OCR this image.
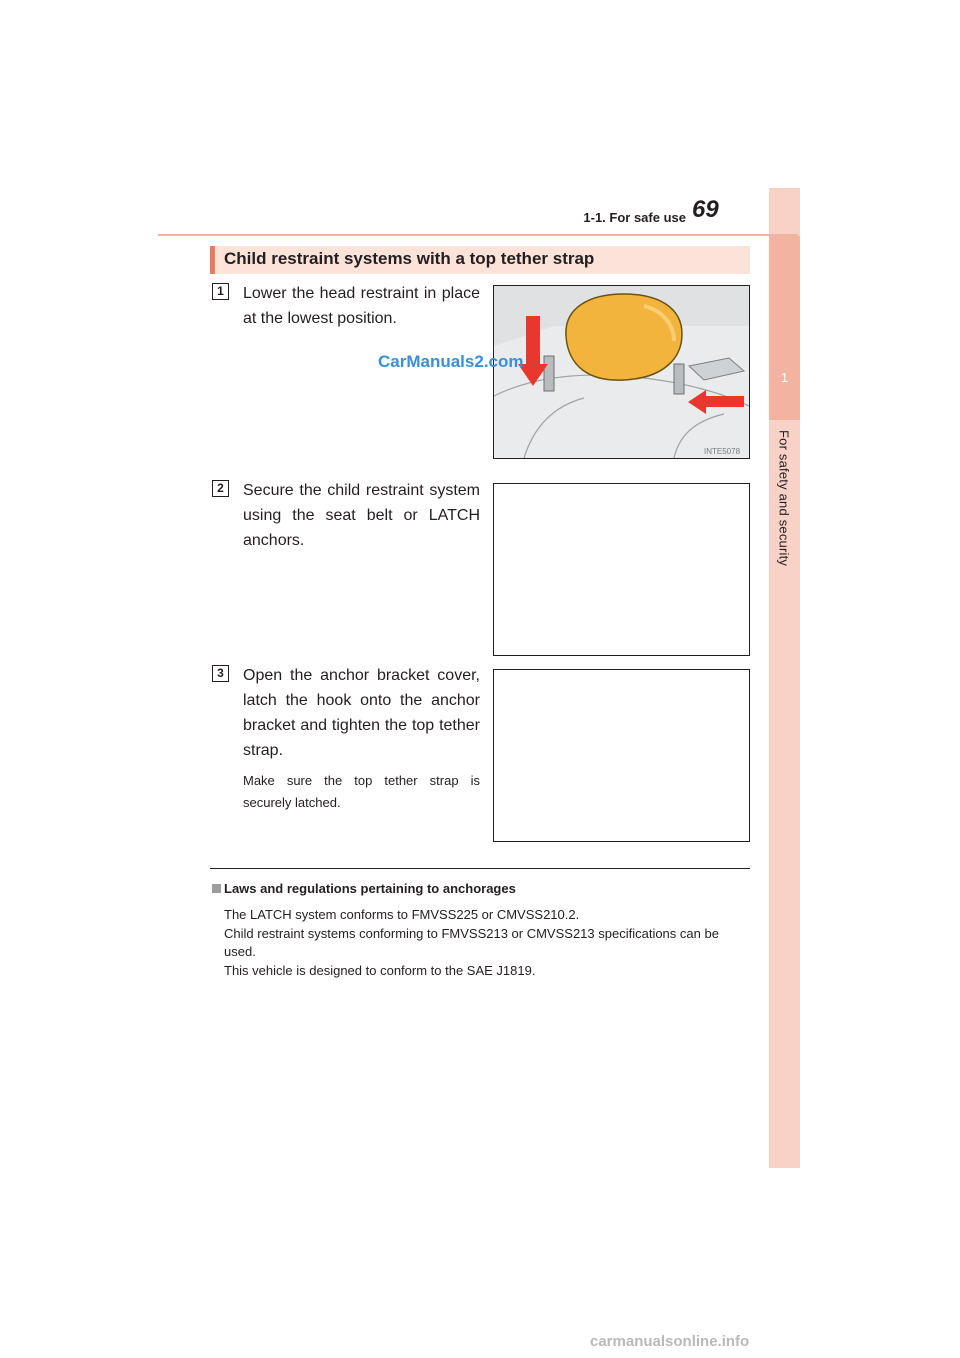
1
For safety and security
1-1. For safe use 69
Child restraint systems with a top tether strap
1	Lower the head restraint in place at the lowest position.
INTE5078
CarManuals2.com
2	Secure the child restraint system using the seat belt or LATCH anchors.
3	Open the anchor bracket cover, latch the hook onto the anchor bracket and tighten the top tether strap.
Make sure the top tether strap is securely latched.
Laws and regulations pertaining to anchorages
The LATCH system conforms to FMVSS225 or CMVSS210.2.
Child restraint systems conforming to FMVSS213 or CMVSS213 specifications can be used.
This vehicle is designed to conform to the SAE J1819.
carmanualsonline.info
